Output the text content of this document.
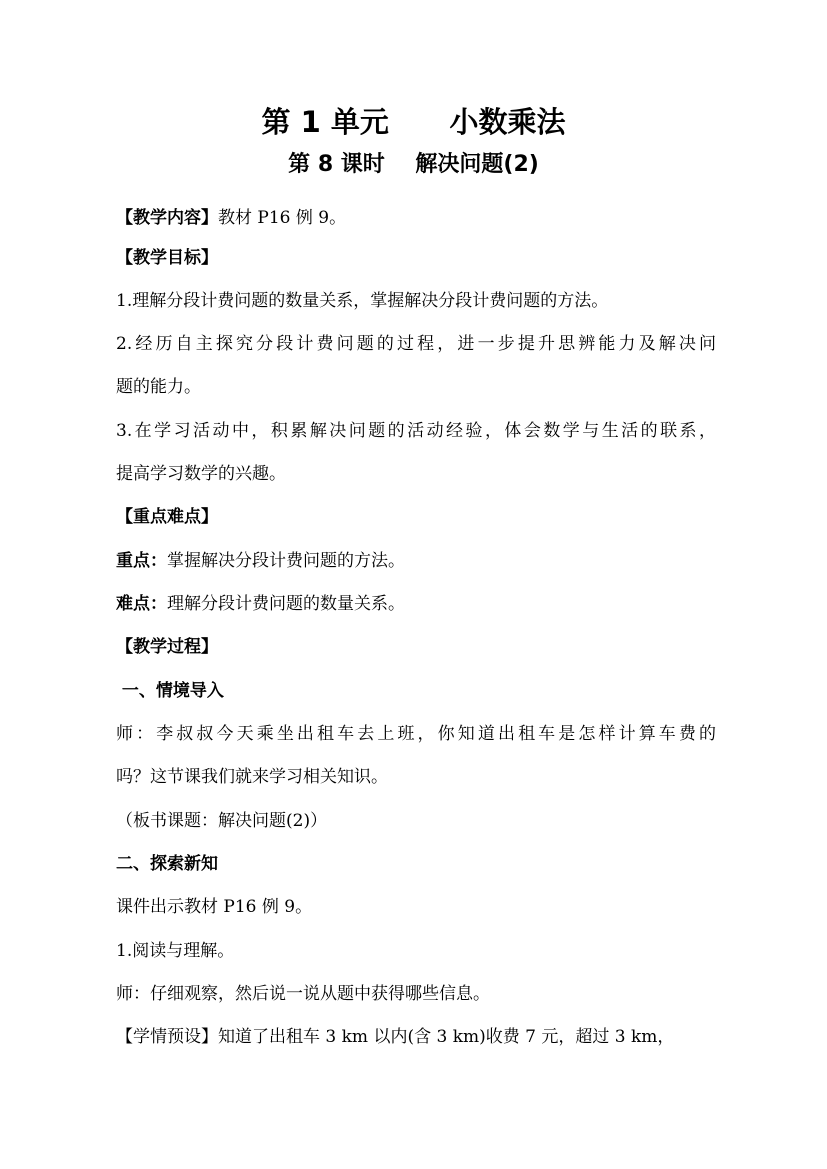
第 1 单元      小数乘法
第 8 课时    解决问题(2)
【教学内容】教材 P16 例 9。
【教学目标】
1.理解分段计费问题的数量关系，掌握解决分段计费问题的方法。
2.经历自主探究分段计费问题的过程，进一步提升思辨能力及解决问
题的能力。
3.在学习活动中，积累解决问题的活动经验，体会数学与生活的联系，
提高学习数学的兴趣。
【重点难点】
重点：掌握解决分段计费问题的方法。
难点：理解分段计费问题的数量关系。
【教学过程】
一、情境导入
师：李叔叔今天乘坐出租车去上班，你知道出租车是怎样计算车费的
吗？这节课我们就来学习相关知识。
（板书课题：解决问题(2)）
二、探索新知
课件出示教材 P16 例 9。
1.阅读与理解。
师：仔细观察，然后说一说从题中获得哪些信息。
【学情预设】知道了出租车 3 km 以内(含 3 km)收费 7 元，超过 3 km，
